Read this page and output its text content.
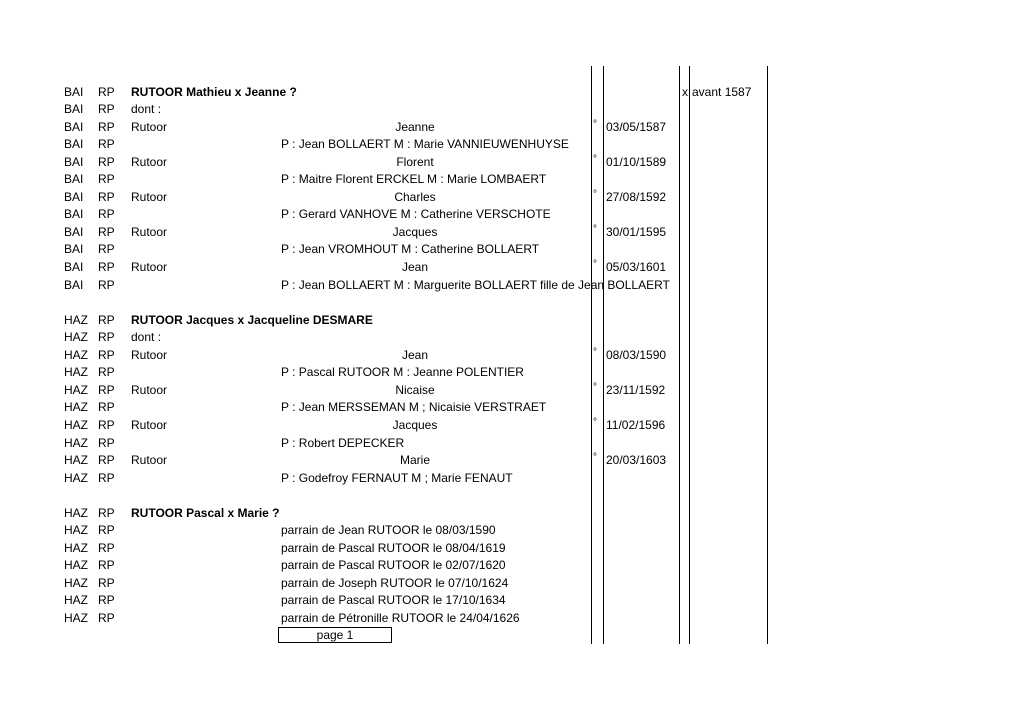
BAI RP RUTOOR Mathieu x Jeanne ?	x avant 1587
BAI RP dont :
BAI RP Rutoor	Jeanne	° 03/05/1587
BAI RP	P : Jean BOLLAERT M : Marie VANNIEUWENHUYSE
BAI RP Rutoor	Florent	° 01/10/1589
BAI RP	P : Maitre Florent ERCKEL M : Marie LOMBAERT
BAI RP Rutoor	Charles	° 27/08/1592
BAI RP	P : Gerard VANHOVE M : Catherine VERSCHOTE
BAI RP Rutoor	Jacques	° 30/01/1595
BAI RP	P : Jean VROMHOUT M : Catherine BOLLAERT
BAI RP Rutoor	Jean	° 05/03/1601
BAI RP	P : Jean BOLLAERT M : Marguerite BOLLAERT fille de Jean BOLLAERT
HAZ RP RUTOOR Jacques x Jacqueline DESMARE
HAZ RP dont :
HAZ RP Rutoor	Jean	° 08/03/1590
HAZ RP	P : Pascal RUTOOR M : Jeanne POLENTIER
HAZ RP Rutoor	Nicaise	° 23/11/1592
HAZ RP	P : Jean MERSSEMAN M ; Nicaisie VERSTRAET
HAZ RP Rutoor	Jacques	° 11/02/1596
HAZ RP	P : Robert DEPECKER
HAZ RP Rutoor	Marie	° 20/03/1603
HAZ RP	P : Godefroy FERNAUT M ; Marie FENAUT
HAZ RP RUTOOR Pascal x Marie ?
HAZ RP	parrain de Jean RUTOOR le 08/03/1590
HAZ RP	parrain de Pascal RUTOOR le 08/04/1619
HAZ RP	parrain de Pascal RUTOOR le 02/07/1620
HAZ RP	parrain de Joseph RUTOOR le 07/10/1624
HAZ RP	parrain de Pascal RUTOOR le 17/10/1634
HAZ RP	parrain de Pétronille RUTOOR le 24/04/1626
page 1
